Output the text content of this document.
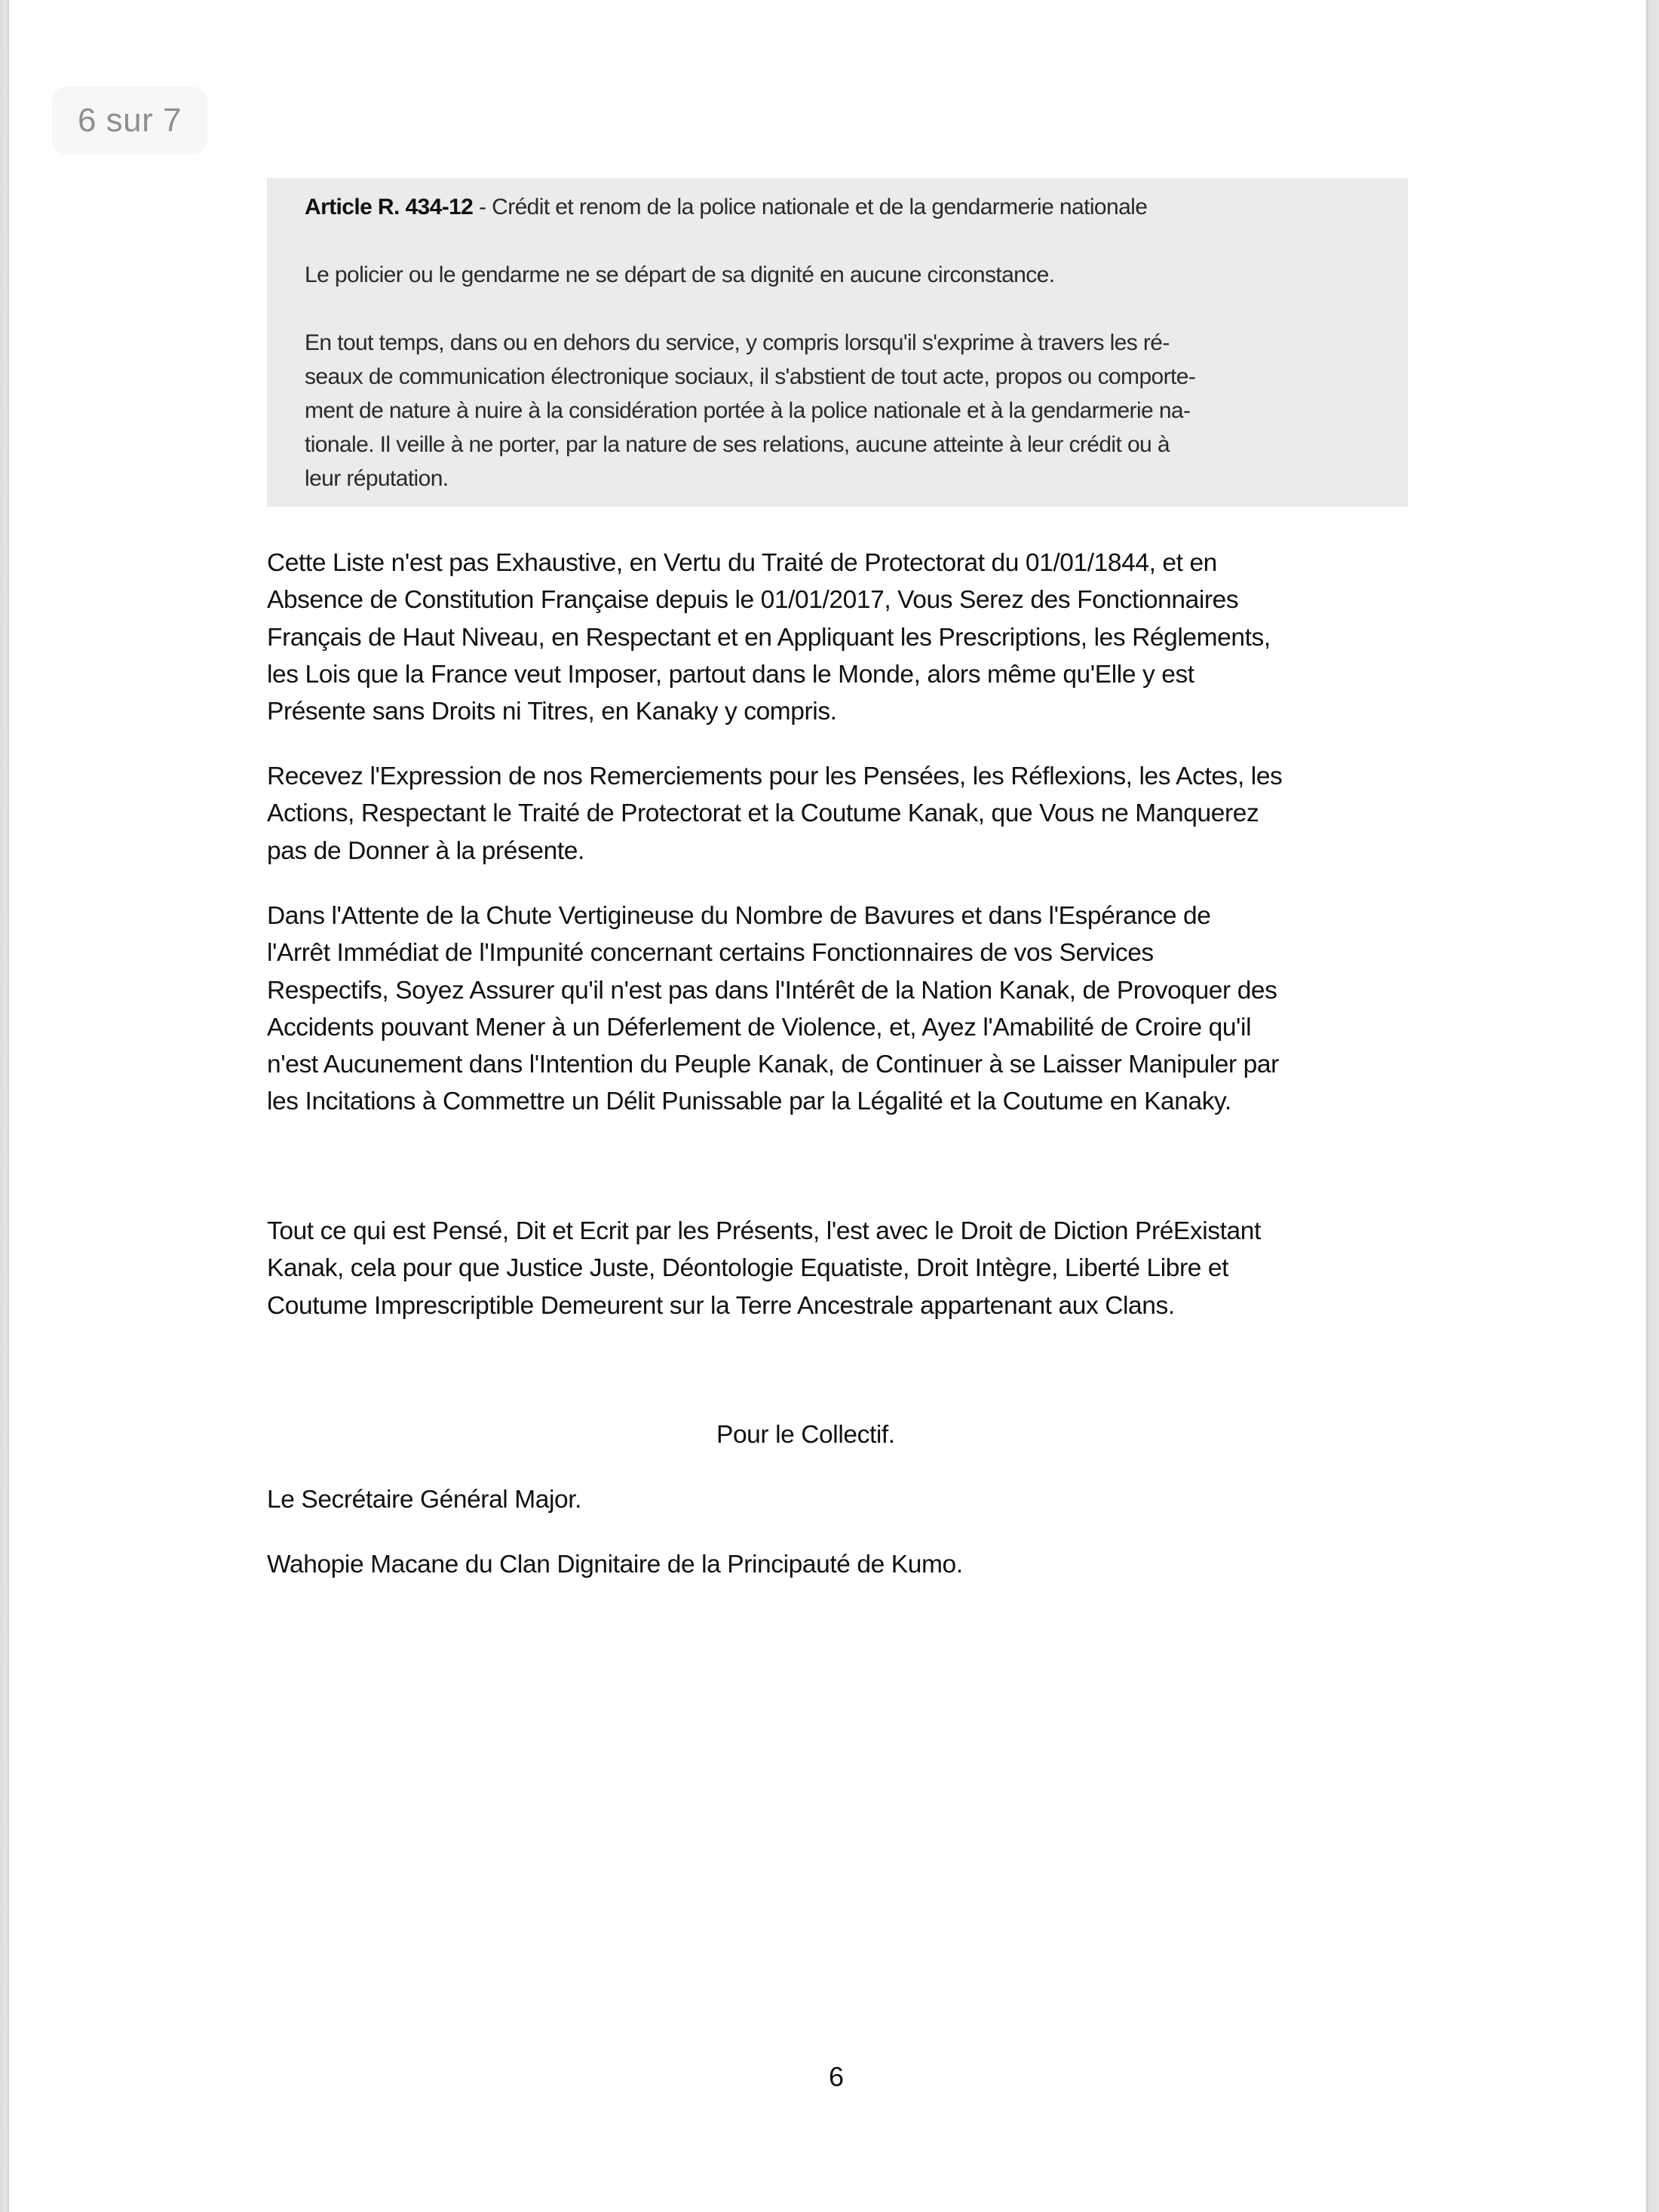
6 sur 7

Article R. 434-12 - Crédit et renom de la police nationale et de la gendarmerie nationale

Le policier ou le gendarme ne se départ de sa dignité en aucune circonstance.

En tout temps, dans ou en dehors du service, y compris lorsqu'il s'exprime à travers les ré-
seaux de communication électronique sociaux, il s'abstient de tout acte, propos ou comporte-
ment de nature à nuire à la considération portée à la police nationale et à la gendarmerie na-
tionale. Il veille à ne porter, par la nature de ses relations, aucune atteinte à leur crédit ou à
leur réputation.

Cette Liste n'est pas Exhaustive, en Vertu du Traité de Protectorat du 01/01/1844, et en
Absence de Constitution Française depuis le 01/01/2017, Vous Serez des Fonctionnaires
Français de Haut Niveau, en Respectant et en Appliquant les Prescriptions, les Réglements,
les Lois que la France veut Imposer, partout dans le Monde, alors même qu'Elle y est
Présente sans Droits ni Titres, en Kanaky y compris.
Recevez l'Expression de nos Remerciements pour les Pensées, les Réflexions, les Actes, les
Actions, Respectant le Traité de Protectorat et la Coutume Kanak, que Vous ne Manquerez
pas de Donner à la présente.
Dans l'Attente de la Chute Vertigineuse du Nombre de Bavures et dans l'Espérance de
l'Arrêt Immédiat de l'Impunité concernant certains Fonctionnaires de vos Services
Respectifs, Soyez Assurer qu'il n'est pas dans l'Intérêt de la Nation Kanak, de Provoquer des
Accidents pouvant Mener à un Déferlement de Violence, et, Ayez l'Amabilité de Croire qu'il
n'est Aucunement dans l'Intention du Peuple Kanak, de Continuer à se Laisser Manipuler par
les Incitations à Commettre un Délit Punissable par la Légalité et la Coutume en Kanaky.
Tout ce qui est Pensé, Dit et Ecrit par les Présents, l'est avec le Droit de Diction PréExistant
Kanak, cela pour que Justice Juste, Déontologie Equatiste, Droit Intègre, Liberté Libre et
Coutume Imprescriptible Demeurent sur la Terre Ancestrale appartenant aux Clans.
Pour le Collectif.
Le Secrétaire Général Major.
Wahopie Macane du Clan Dignitaire de la Principauté de Kumo.
6
